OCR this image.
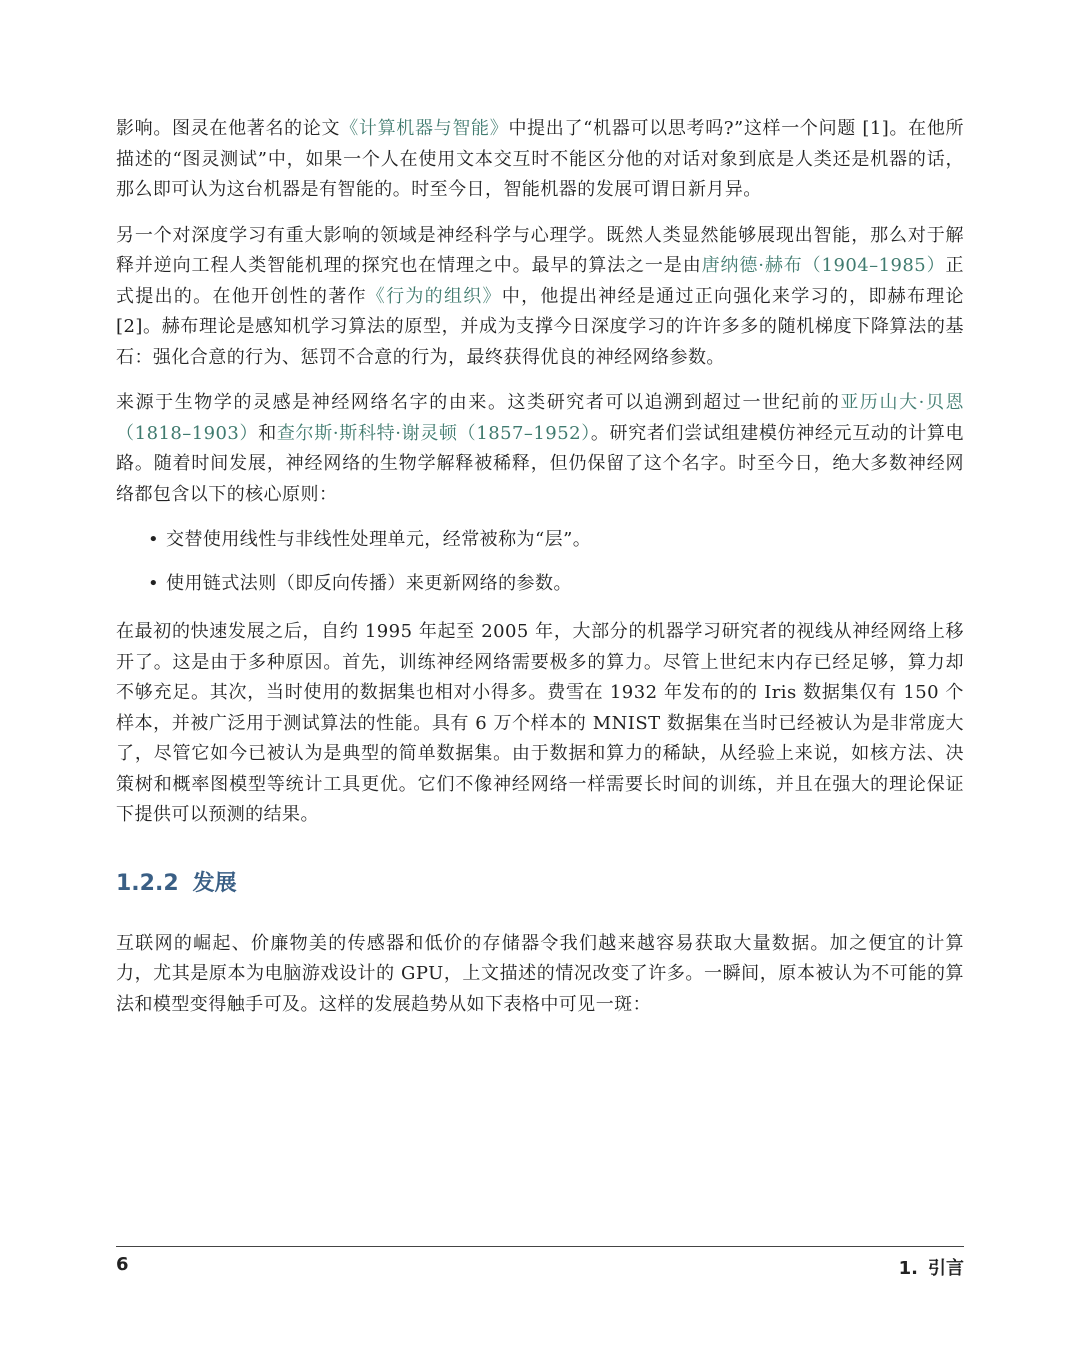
影响。图灵在他著名的论文《计算机器与智能》中提出了“机器可以思考吗?”这样一个问题 [1]。在他所描述的“图灵测试”中，如果一个人在使用文本交互时不能区分他的对话对象到底是人类还是机器的话，那么即可认为这台机器是有智能的。时至今日，智能机器的发展可谓日新月异。

另一个对深度学习有重大影响的领域是神经科学与心理学。既然人类显然能够展现出智能，那么对于解释并逆向工程人类智能机理的探究也在情理之中。最早的算法之一是由唐纳德·赫布（1904–1985）正式提出的。在他开创性的著作《行为的组织》中，他提出神经是通过正向强化来学习的，即赫布理论 [2]。赫布理论是感知机学习算法的原型，并成为支撑今日深度学习的许许多多的随机梯度下降算法的基石：强化合意的行为、惩罚不合意的行为，最终获得优良的神经网络参数。

来源于生物学的灵感是神经网络名字的由来。这类研究者可以追溯到超过一世纪前的亚历山大·贝恩（1818–1903）和查尔斯·斯科特·谢灵顿（1857–1952）。研究者们尝试组建模仿神经元互动的计算电路。随着时间发展，神经网络的生物学解释被稀释，但仍保留了这个名字。时至今日，绝大多数神经网络都包含以下的核心原则：

• 交替使用线性与非线性处理单元，经常被称为“层”。
• 使用链式法则（即反向传播）来更新网络的参数。

在最初的快速发展之后，自约 1995 年起至 2005 年，大部分的机器学习研究者的视线从神经网络上移开了。这是由于多种原因。首先，训练神经网络需要极多的算力。尽管上世纪末内存已经足够，算力却不够充足。其次，当时使用的数据集也相对小得多。费雪在 1932 年发布的的 Iris 数据集仅有 150 个样本，并被广泛用于测试算法的性能。具有 6 万个样本的 MNIST 数据集在当时已经被认为是非常庞大了，尽管它如今已被认为是典型的简单数据集。由于数据和算力的稀缺，从经验上来说，如核方法、决策树和概率图模型等统计工具更优。它们不像神经网络一样需要长时间的训练，并且在强大的理论保证下提供可以预测的结果。

1.2.2 发展

互联网的崛起、价廉物美的传感器和低价的存储器令我们越来越容易获取大量数据。加之便宜的计算力，尤其是原本为电脑游戏设计的 GPU，上文描述的情况改变了许多。一瞬间，原本被认为不可能的算法和模型变得触手可及。这样的发展趋势从如下表格中可见一斑：

6	1. 引言
